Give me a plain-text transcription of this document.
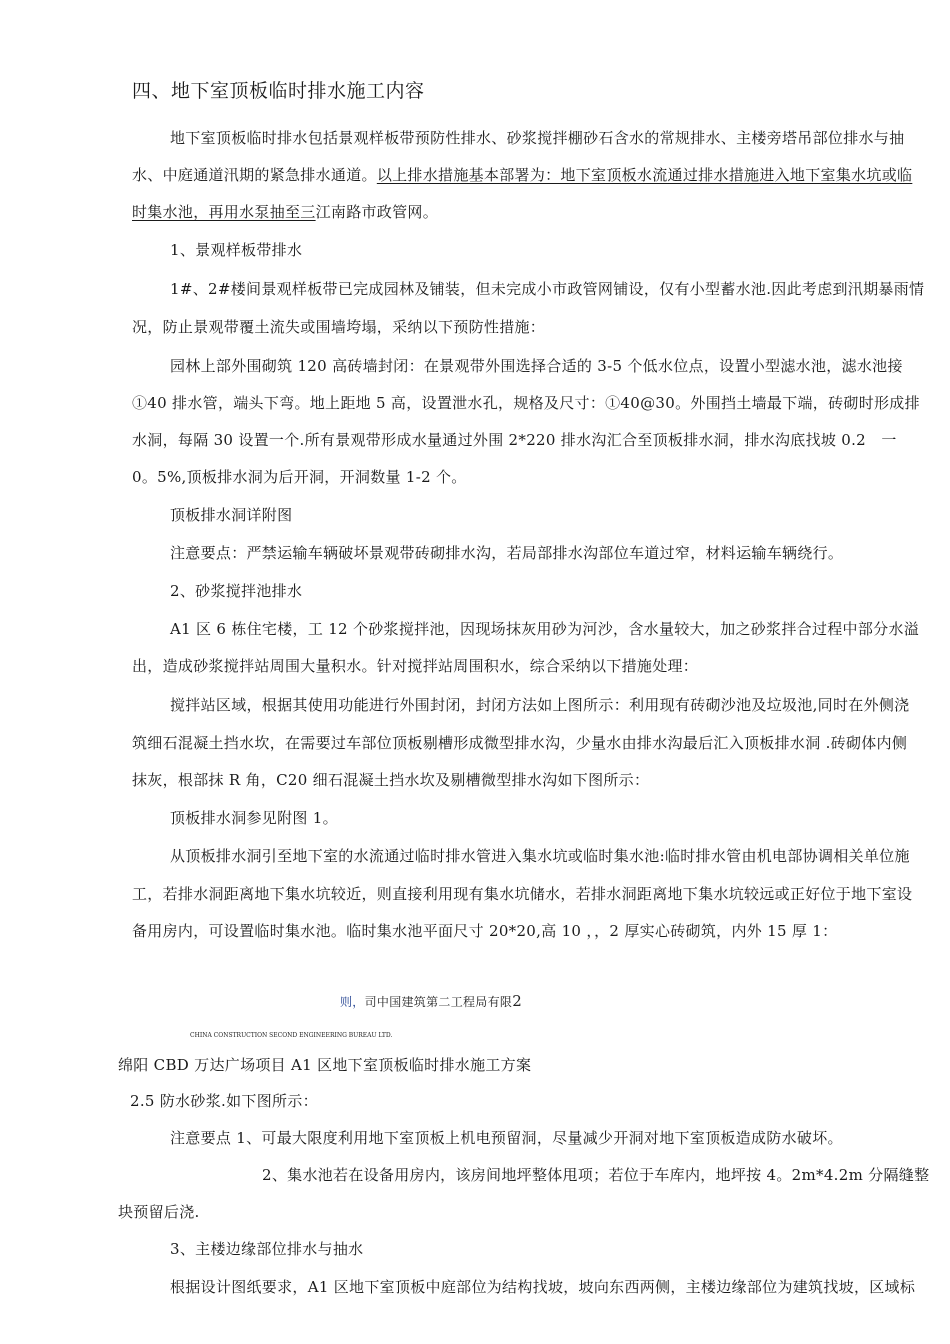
四、地下室顶板临时排水施工内容
地下室顶板临时排水包括景观样板带预防性排水、砂浆搅拌棚砂石含水的常规排水、主楼旁塔吊部位排水与抽
水、中庭通道汛期的紧急排水通道。以上排水措施基本部署为：地下室顶板水流通过排水措施进入地下室集水坑或临
时集水池，再用水泵抽至三江南路市政管网。
1、景观样板带排水
1#、2#楼间景观样板带已完成园林及铺装，但未完成小市政管网铺设，仅有小型蓄水池.因此考虑到汛期暴雨情
况，防止景观带覆土流失或围墙垮塌，采纳以下预防性措施：
园林上部外围砌筑 120 高砖墙封闭：在景观带外围选择合适的 3-5 个低水位点，设置小型滤水池，滤水池接
①40 排水管，端头下弯。地上距地 5 高，设置泄水孔，规格及尺寸：①40@30。外围挡土墙最下端，砖砌时形成排
水洞，每隔 30 设置一个.所有景观带形成水量通过外围 2*220 排水沟汇合至顶板排水洞，排水沟底找坡 0.2　一
0。5%,顶板排水洞为后开洞，开洞数量 1-2 个。
顶板排水洞详附图
注意要点：严禁运输车辆破坏景观带砖砌排水沟，若局部排水沟部位车道过窄，材料运输车辆绕行。
2、砂浆搅拌池排水
A1 区 6 栋住宅楼，工 12 个砂浆搅拌池，因现场抹灰用砂为河沙，含水量较大，加之砂浆拌合过程中部分水溢
出，造成砂浆搅拌站周围大量积水。针对搅拌站周围积水，综合采纳以下措施处理：
搅拌站区域，根据其使用功能进行外围封闭，封闭方法如上图所示：利用现有砖砌沙池及垃圾池,同时在外侧浇
筑细石混凝土挡水坎，在需要过车部位顶板剔槽形成微型排水沟，少量水由排水沟最后汇入顶板排水洞 .砖砌体内侧
抹灰，根部抹 R 角，C20 细石混凝土挡水坎及剔槽微型排水沟如下图所示：
顶板排水洞参见附图 1。
从顶板排水洞引至地下室的水流通过临时排水管进入集水坑或临时集水池:临时排水管由机电部协调相关单位施
工，若排水洞距离地下集水坑较近，则直接利用现有集水坑储水，若排水洞距离地下集水坑较远或正好位于地下室设
备用房内，可设置临时集水池。临时集水池平面尺寸 20*20,高 10 ，，2 厚实心砖砌筑，内外 15 厚 1：
则，司中国建筑第二工程局有限2
CHINA CONSTRUCTION SECOND ENGINEERING BUREAU LTD.
绵阳 CBD 万达广场项目 A1 区地下室顶板临时排水施工方案
2.5 防水砂浆.如下图所示：
注意要点 1、可最大限度利用地下室顶板上机电预留洞，尽量减少开洞对地下室顶板造成防水破坏。
2、集水池若在设备用房内，该房间地坪整体甩项；若位于车库内，地坪按 4。2m*4.2m 分隔缝整
块预留后浇.
3、主楼边缘部位排水与抽水
根据设计图纸要求，A1 区地下室顶板中庭部位为结构找坡，坡向东西两侧，主楼边缘部位为建筑找坡，区域标
